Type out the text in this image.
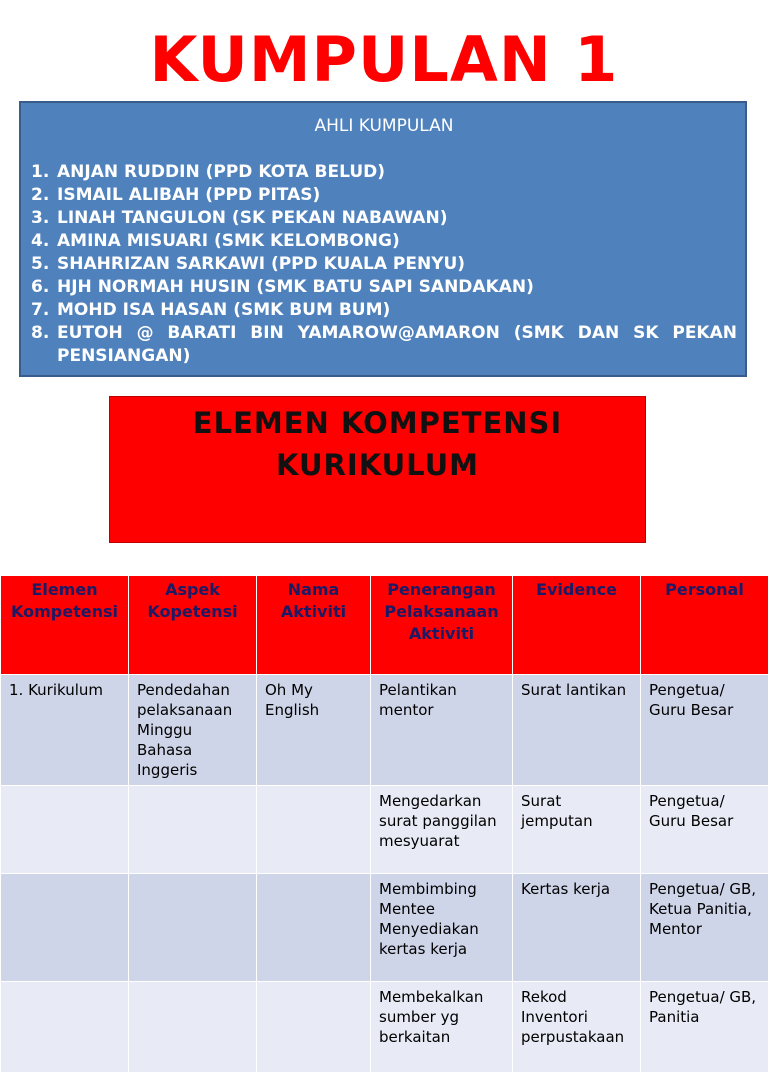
KUMPULAN 1
AHLI KUMPULAN
1. ANJAN RUDDIN (PPD KOTA BELUD)
2. ISMAIL ALIBAH (PPD PITAS)
3. LINAH TANGULON (SK PEKAN NABAWAN)
4. AMINA MISUARI (SMK KELOMBONG)
5. SHAHRIZAN SARKAWI (PPD KUALA PENYU)
6. HJH NORMAH HUSIN (SMK BATU SAPI SANDAKAN)
7. MOHD ISA HASAN (SMK BUM BUM)
8. EUTOH @ BARATI BIN YAMAROW@AMARON (SMK DAN SK PEKAN PENSIANGAN)
ELEMEN KOMPETENSI
KURIKULUM
Elemen Kompetensi	Aspek Kopetensi	Nama Aktiviti	Penerangan Pelaksanaan Aktiviti	Evidence	Personal
1. Kurikulum	Pendedahan pelaksanaan Minggu Bahasa Inggeris	Oh My English	Pelantikan mentor	Surat lantikan	Pengetua/ Guru Besar
			Mengedarkan surat panggilan mesyuarat	Surat jemputan	Pengetua/ Guru Besar
			Membimbing Mentee Menyediakan kertas kerja	Kertas kerja	Pengetua/ GB, Ketua Panitia, Mentor
			Membekalkan sumber yg berkaitan	Rekod Inventori perpustakaan	Pengetua/ GB, Panitia
